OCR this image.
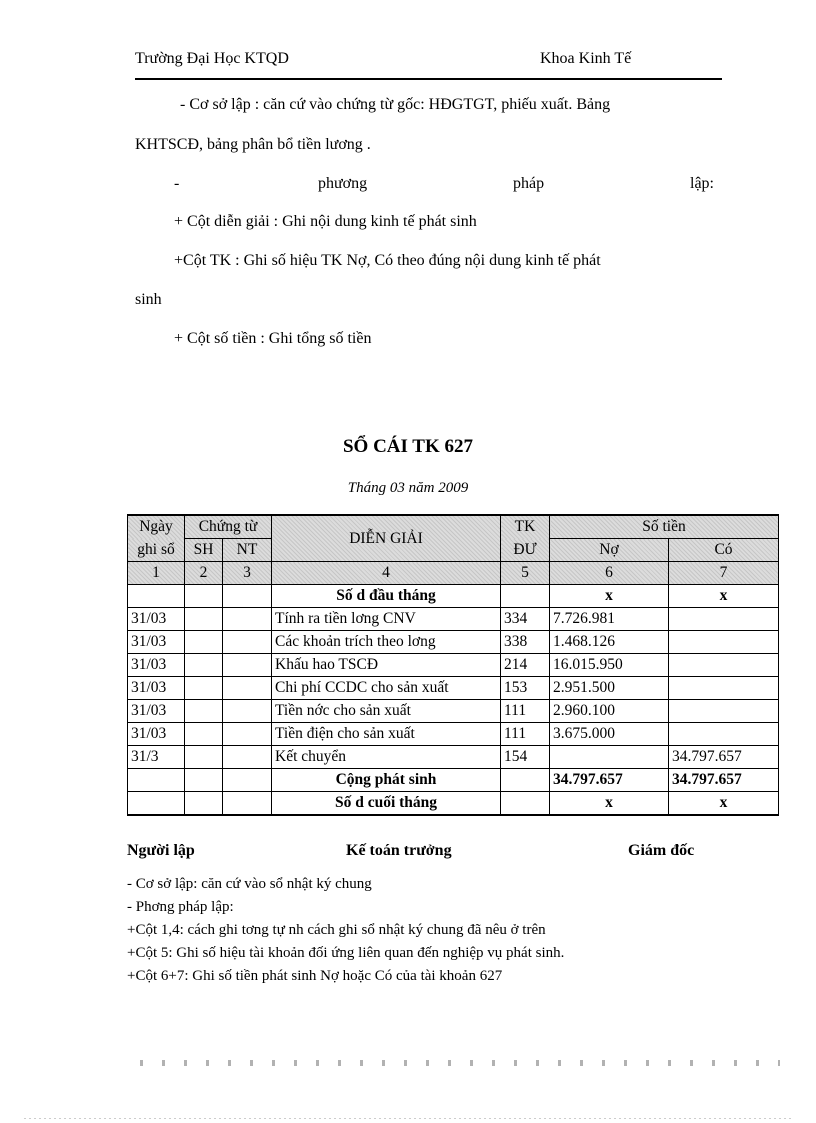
Trường Đại Học KTQD	Khoa Kinh Tế
- Cơ sở lập : căn cứ vào chứng từ gốc: HĐGTGT, phiếu xuất. Bảng
KHTSCĐ, bảng phân bổ tiền lương .
-	phương	pháp	lập:
+ Cột diễn giải : Ghi nội dung kinh tế phát sinh
+Cột TK : Ghi số hiệu TK Nợ, Có theo đúng nội dung kinh tế phát
sinh
+ Cột số tiền : Ghi tổng số tiền
SỔ CÁI TK 627
Tháng 03 năm 2009
Ngày	Chứng từ		DIỄN GIẢI	TK	Số tiền	
ghi sổ	SH	NT		ĐƯ	Nợ	Có
1	2	3	4	5	6	7
			Số d đầu tháng		x	x
31/03			Tính ra tiền lơng CNV	334	7.726.981	
31/03			Các khoản trích theo lơng	338	1.468.126	
31/03			Khấu hao TSCĐ	214	16.015.950	
31/03			Chi phí CCDC cho sản xuất	153	2.951.500	
31/03			Tiền nớc cho sản xuất	111	2.960.100	
31/03			Tiền điện cho sản xuất	111	3.675.000	
31/3			Kết chuyển	154		34.797.657
			Cộng phát sinh		34.797.657	34.797.657
			Số d cuối tháng		x	x
Người lập	Kế toán trưởng	Giám đốc
- Cơ sở lập: căn cứ vào sổ nhật ký chung
- Phơng pháp lập:
+Cột 1,4: cách ghi tơng tự nh cách ghi sổ nhật ký chung đã nêu ở trên
+Cột 5: Ghi số hiệu tài khoản đối ứng liên quan đến nghiệp vụ phát sinh.
+Cột 6+7: Ghi số tiền phát sinh Nợ hoặc Có của tài khoản 627
